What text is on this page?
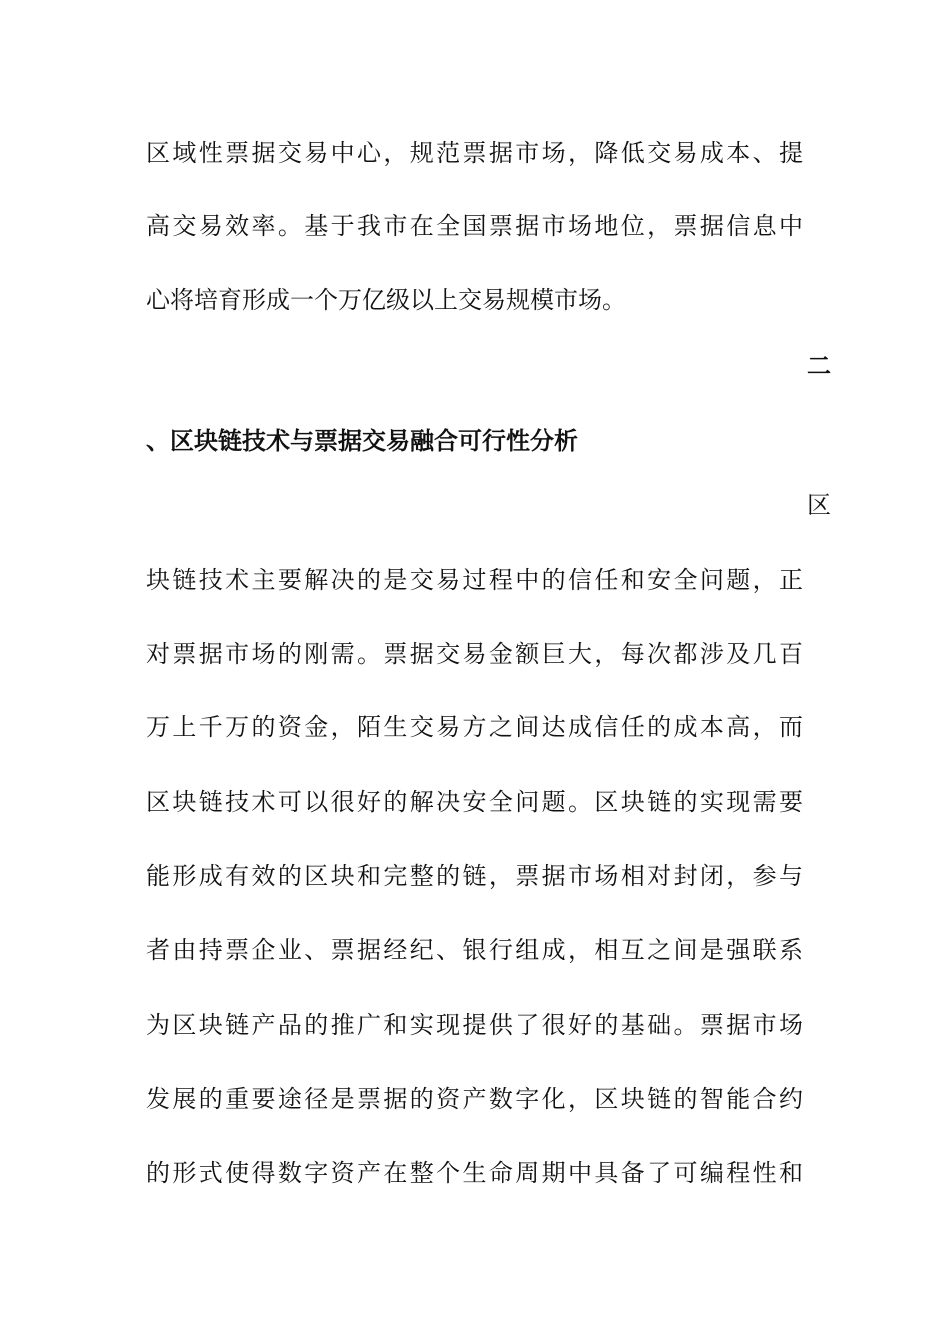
区域性票据交易中心，规范票据市场，降低交易成本、提
高交易效率。基于我市在全国票据市场地位，票据信息中
心将培育形成一个万亿级以上交易规模市场。
二
、区块链技术与票据交易融合可行性分析
区
块链技术主要解决的是交易过程中的信任和安全问题，正
对票据市场的刚需。票据交易金额巨大，每次都涉及几百
万上千万的资金，陌生交易方之间达成信任的成本高，而
区块链技术可以很好的解决安全问题。区块链的实现需要
能形成有效的区块和完整的链，票据市场相对封闭，参与
者由持票企业、票据经纪、银行组成，相互之间是强联系
为区块链产品的推广和实现提供了很好的基础。票据市场
发展的重要途径是票据的资产数字化，区块链的智能合约
的形式使得数字资产在整个生命周期中具备了可编程性和
